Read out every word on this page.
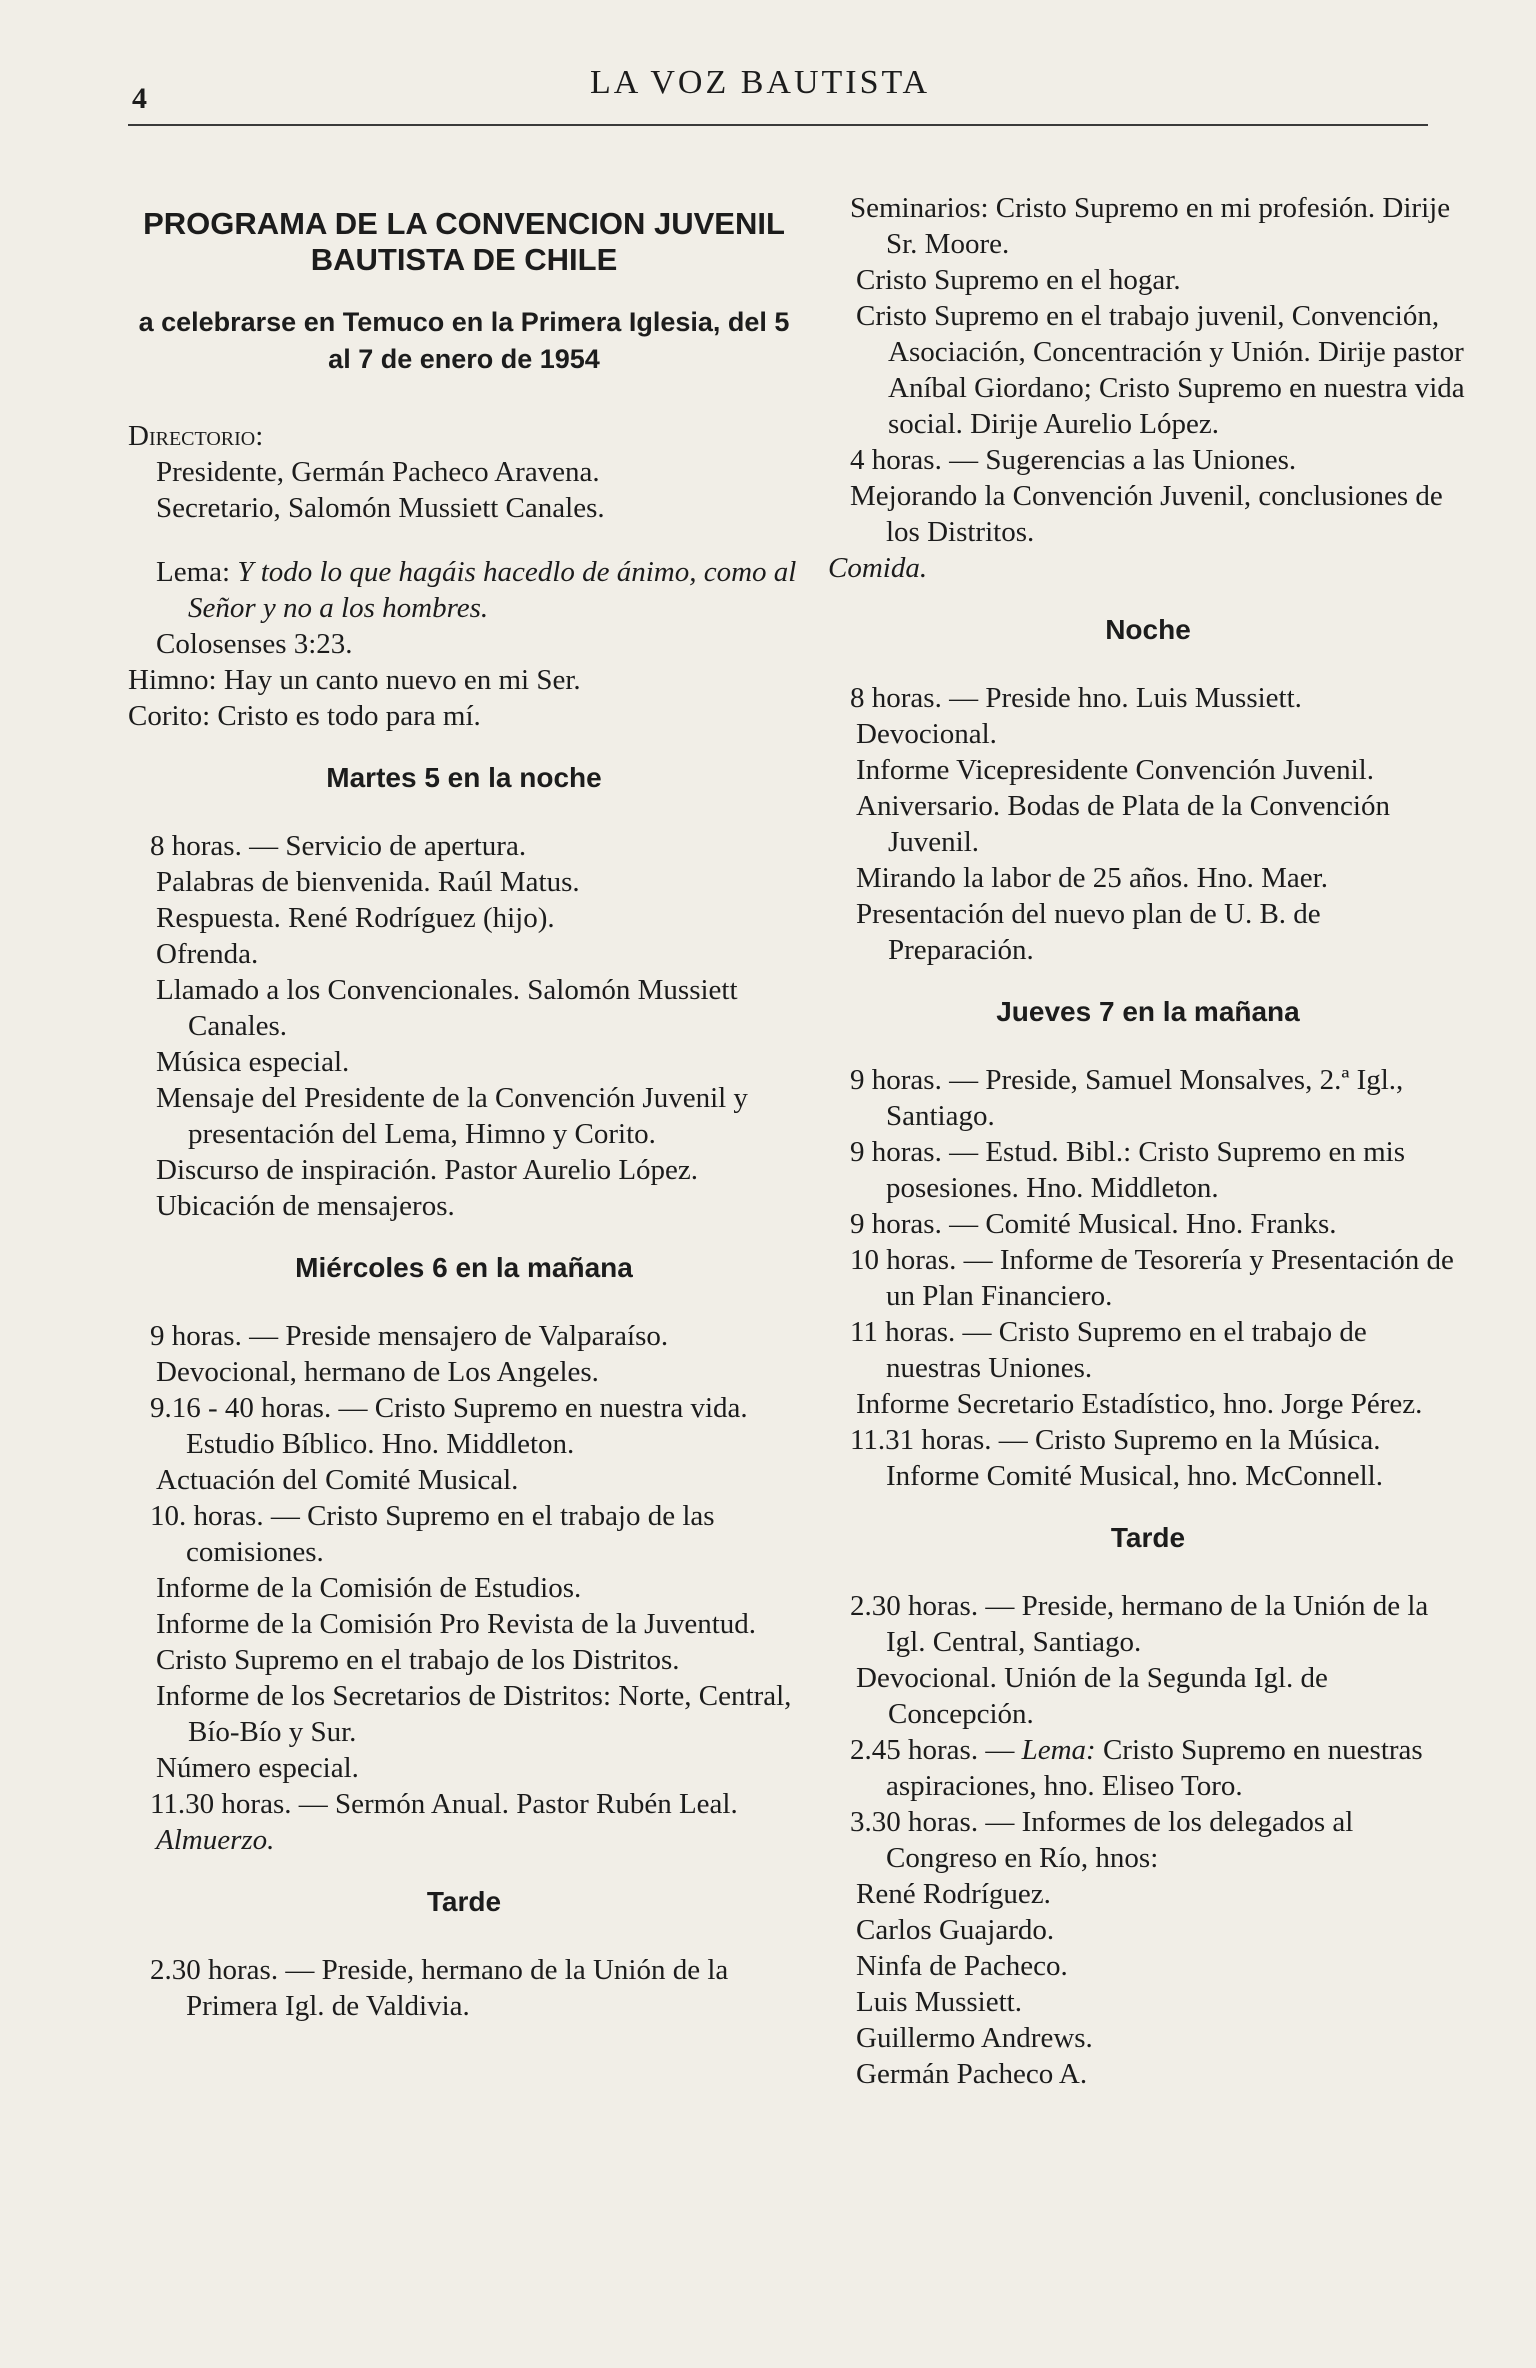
4	LA VOZ BAUTISTA
PROGRAMA DE LA CONVENCION JUVENIL BAUTISTA DE CHILE
a celebrarse en Temuco en la Primera Iglesia, del 5 al 7 de enero de 1954
Directorio:
Presidente, Germán Pacheco Aravena.
Secretario, Salomón Mussiett Canales.
Lema: Y todo lo que hagáis hacedlo de ánimo, como al Señor y no a los hombres.
Colosenses 3:23.
Himno: Hay un canto nuevo en mi Ser.
Corito: Cristo es todo para mí.
Martes 5 en la noche
8 horas. — Servicio de apertura.
Palabras de bienvenida. Raúl Matus.
Respuesta. René Rodríguez (hijo).
Ofrenda.
Llamado a los Convencionales. Salomón Mussiett Canales.
Música especial.
Mensaje del Presidente de la Convención Juvenil y presentación del Lema, Himno y Corito.
Discurso de inspiración. Pastor Aurelio López.
Ubicación de mensajeros.
Miércoles 6 en la mañana
9 horas. — Preside mensajero de Valparaíso.
Devocional, hermano de Los Angeles.
9.16 - 40 horas. — Cristo Supremo en nuestra vida. Estudio Bíblico. Hno. Middleton.
Actuación del Comité Musical.
10. horas. — Cristo Supremo en el trabajo de las comisiones.
Informe de la Comisión de Estudios.
Informe de la Comisión Pro Revista de la Juventud.
Cristo Supremo en el trabajo de los Distritos.
Informe de los Secretarios de Distritos: Norte, Central, Bío-Bío y Sur.
Número especial.
11.30 horas. — Sermón Anual. Pastor Rubén Leal.
Almuerzo.
Tarde
2.30 horas. — Preside, hermano de la Unión de la Primera Igl. de Valdivia.
Seminarios: Cristo Supremo en mi profesión. Dirije Sr. Moore.
Cristo Supremo en el hogar.
Cristo Supremo en el trabajo juvenil, Convención, Asociación, Concentración y Unión. Dirije pastor Aníbal Giordano; Cristo Supremo en nuestra vida social. Dirije Aurelio López.
4 horas. — Sugerencias a las Uniones.
Mejorando la Convención Juvenil, conclusiones de los Distritos.
Comida.
Noche
8 horas. — Preside hno. Luis Mussiett.
Devocional.
Informe Vicepresidente Convención Juvenil.
Aniversario. Bodas de Plata de la Convención Juvenil.
Mirando la labor de 25 años. Hno. Maer.
Presentación del nuevo plan de U. B. de Preparación.
Jueves 7 en la mañana
9 horas. — Preside, Samuel Monsalves, 2.ª Igl., Santiago.
9 horas. — Estud. Bibl.: Cristo Supremo en mis posesiones. Hno. Middleton.
9 horas. — Comité Musical. Hno. Franks.
10 horas. — Informe de Tesorería y Presentación de un Plan Financiero.
11 horas. — Cristo Supremo en el trabajo de nuestras Uniones.
Informe Secretario Estadístico, hno. Jorge Pérez.
11.31 horas. — Cristo Supremo en la Música. Informe Comité Musical, hno. McConnell.
Tarde
2.30 horas. — Preside, hermano de la Unión de la Igl. Central, Santiago.
Devocional. Unión de la Segunda Igl. de Concepción.
2.45 horas. — Lema: Cristo Supremo en nuestras aspiraciones, hno. Eliseo Toro.
3.30 horas. — Informes de los delegados al Congreso en Río, hnos:
René Rodríguez.
Carlos Guajardo.
Ninfa de Pacheco.
Luis Mussiett.
Guillermo Andrews.
Germán Pacheco A.
